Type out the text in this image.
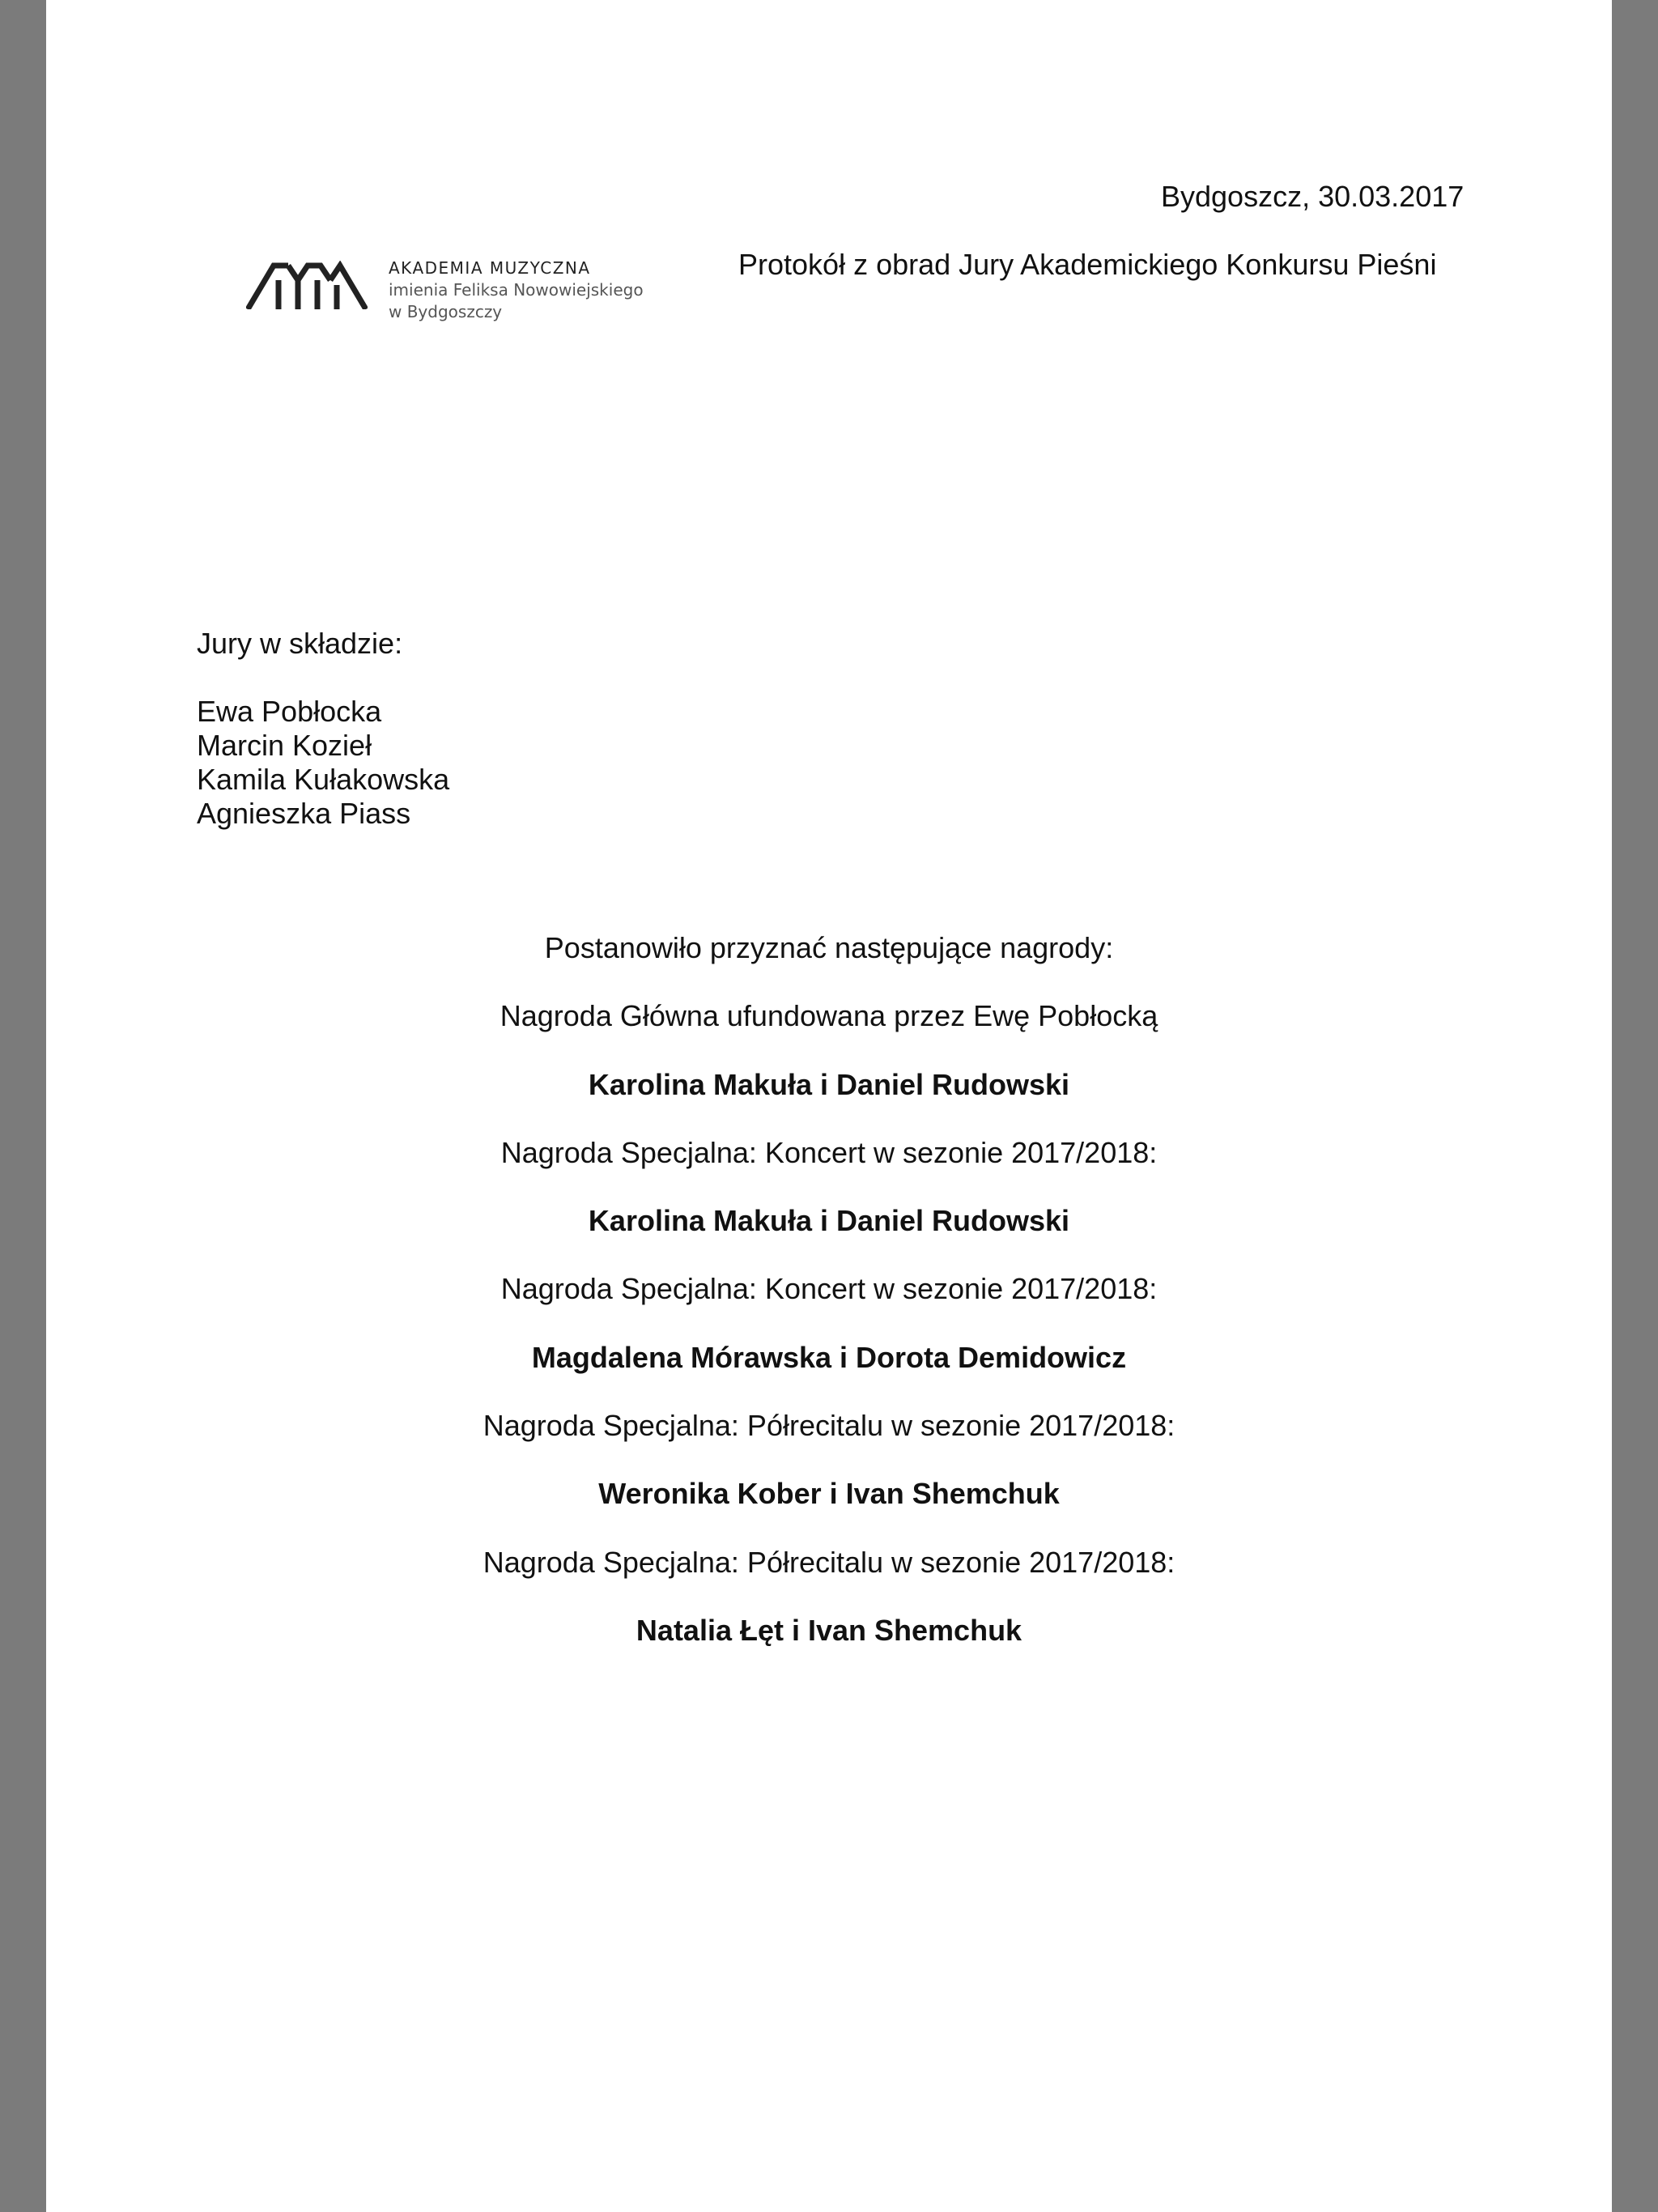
Bydgoszcz, 30.03.2017
AKADEMIA MUZYCZNA
imienia Feliksa Nowowiejskiego
w Bydgoszczy
Protokół z obrad Jury Akademickiego Konkursu Pieśni
Jury w składzie:
Ewa Pobłocka
Marcin Kozieł
Kamila Kułakowska
Agnieszka Piass
Postanowiło przyznać następujące nagrody:
Nagroda Główna ufundowana przez Ewę Pobłocką
Karolina Makuła i Daniel Rudowski
Nagroda Specjalna: Koncert w sezonie 2017/2018:
Karolina Makuła i Daniel Rudowski
Nagroda Specjalna: Koncert w sezonie 2017/2018:
Magdalena Mórawska i Dorota Demidowicz
Nagroda Specjalna: Półrecitalu w sezonie 2017/2018:
Weronika Kober i Ivan Shemchuk
Nagroda Specjalna: Półrecitalu w sezonie 2017/2018:
Natalia Łęt i Ivan Shemchuk
